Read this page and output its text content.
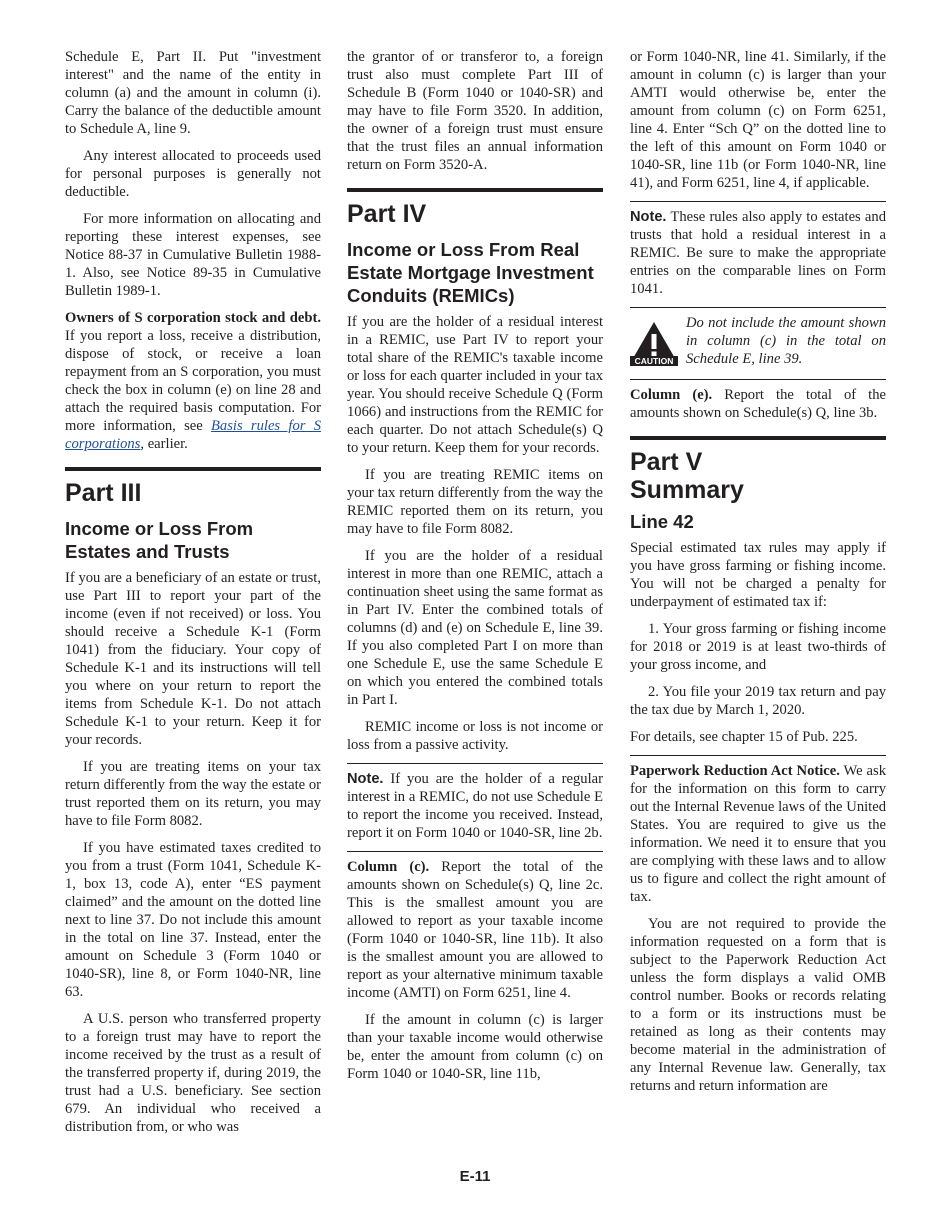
Schedule E, Part II. Put "investment interest" and the name of the entity in column (a) and the amount in column (i). Carry the balance of the deductible amount to Schedule A, line 9.

Any interest allocated to proceeds used for personal purposes is generally not deductible.

For more information on allocating and reporting these interest expenses, see Notice 88-37 in Cumulative Bulletin 1988-1. Also, see Notice 89-35 in Cumulative Bulletin 1989-1.

Owners of S corporation stock and debt. If you report a loss, receive a distribution, dispose of stock, or receive a loan repayment from an S corporation, you must check the box in column (e) on line 28 and attach the required basis computation. For more information, see Basis rules for S corporations, earlier.

Part III
Income or Loss From Estates and Trusts

If you are a beneficiary of an estate or trust, use Part III to report your part of the income (even if not received) or loss. You should receive a Schedule K-1 (Form 1041) from the fiduciary. Your copy of Schedule K-1 and its instructions will tell you where on your return to report the items from Schedule K-1. Do not attach Schedule K-1 to your return. Keep it for your records.

If you are treating items on your tax return differently from the way the estate or trust reported them on its return, you may have to file Form 8082.

If you have estimated taxes credited to you from a trust (Form 1041, Schedule K-1, box 13, code A), enter “ES payment claimed” and the amount on the dotted line next to line 37. Do not include this amount in the total on line 37. Instead, enter the amount on Schedule 3 (Form 1040 or 1040-SR), line 8, or Form 1040-NR, line 63.

A U.S. person who transferred property to a foreign trust may have to report the income received by the trust as a result of the transferred property if, during 2019, the trust had a U.S. beneficiary. See section 679. An individual who received a distribution from, or who was

the grantor of or transferor to, a foreign trust also must complete Part III of Schedule B (Form 1040 or 1040-SR) and may have to file Form 3520. In addition, the owner of a foreign trust must ensure that the trust files an annual information return on Form 3520-A.

Part IV
Income or Loss From Real Estate Mortgage Investment Conduits (REMICs)

If you are the holder of a residual interest in a REMIC, use Part IV to report your total share of the REMIC's taxable income or loss for each quarter included in your tax year. You should receive Schedule Q (Form 1066) and instructions from the REMIC for each quarter. Do not attach Schedule(s) Q to your return. Keep them for your records.

If you are treating REMIC items on your tax return differently from the way the REMIC reported them on its return, you may have to file Form 8082.

If you are the holder of a residual interest in more than one REMIC, attach a continuation sheet using the same format as in Part IV. Enter the combined totals of columns (d) and (e) on Schedule E, line 39. If you also completed Part I on more than one Schedule E, use the same Schedule E on which you entered the combined totals in Part I.

REMIC income or loss is not income or loss from a passive activity.

Note. If you are the holder of a regular interest in a REMIC, do not use Schedule E to report the income you received. Instead, report it on Form 1040 or 1040-SR, line 2b.

Column (c). Report the total of the amounts shown on Schedule(s) Q, line 2c. This is the smallest amount you are allowed to report as your taxable income (Form 1040 or 1040-SR, line 11b). It also is the smallest amount you are allowed to report as your alternative minimum taxable income (AMTI) on Form 6251, line 4.

If the amount in column (c) is larger than your taxable income would otherwise be, enter the amount from column (c) on Form 1040 or 1040-SR, line 11b,

or Form 1040-NR, line 41. Similarly, if the amount in column (c) is larger than your AMTI would otherwise be, enter the amount from column (c) on Form 6251, line 4. Enter “Sch Q” on the dotted line to the left of this amount on Form 1040 or 1040-SR, line 11b (or Form 1040-NR, line 41), and Form 6251, line 4, if applicable.

Note. These rules also apply to estates and trusts that hold a residual interest in a REMIC. Be sure to make the appropriate entries on the comparable lines on Form 1041.

CAUTION
Do not include the amount shown in column (c) in the total on Schedule E, line 39.

Column (e). Report the total of the amounts shown on Schedule(s) Q, line 3b.

Part V
Summary
Line 42

Special estimated tax rules may apply if you have gross farming or fishing income. You will not be charged a penalty for underpayment of estimated tax if:

1. Your gross farming or fishing income for 2018 or 2019 is at least two-thirds of your gross income, and

2. You file your 2019 tax return and pay the tax due by March 1, 2020.

For details, see chapter 15 of Pub. 225.

Paperwork Reduction Act Notice. We ask for the information on this form to carry out the Internal Revenue laws of the United States. You are required to give us the information. We need it to ensure that you are complying with these laws and to allow us to figure and collect the right amount of tax.

You are not required to provide the information requested on a form that is subject to the Paperwork Reduction Act unless the form displays a valid OMB control number. Books or records relating to a form or its instructions must be retained as long as their contents may become material in the administration of any Internal Revenue law. Generally, tax returns and return information are

E-11
